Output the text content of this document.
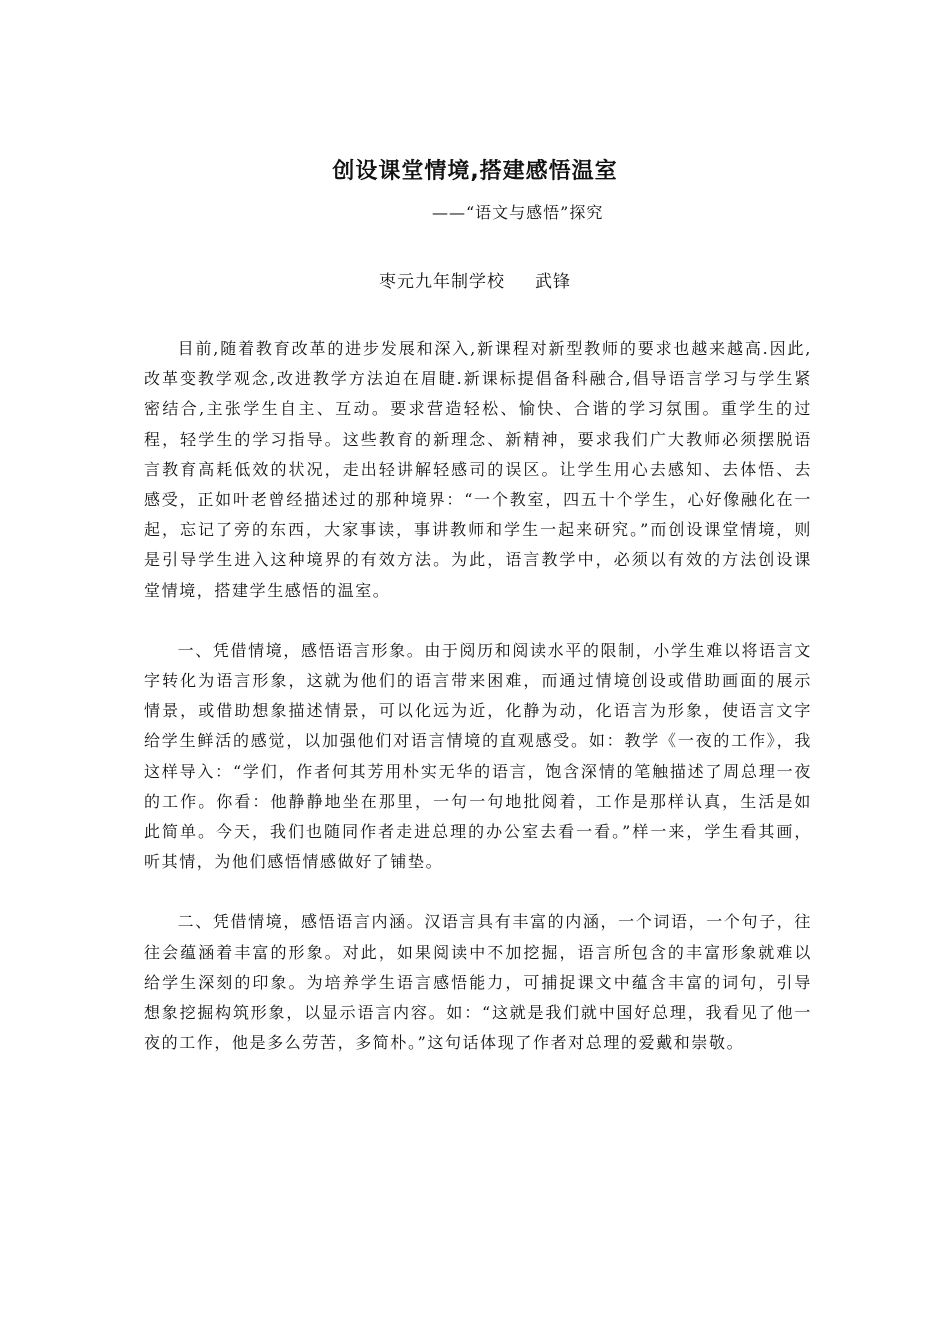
创设课堂情境,搭建感悟温室
——“语文与感悟”探究
枣元九年制学校 武锋

目前,随着教育改革的进步发展和深入,新课程对新型教师的要求也越来越高.因此,改革变教学观念,改进教学方法迫在眉睫.新课标提倡备科融合,倡导语言学习与学生紧密结合,主张学生自主、互动。要求营造轻松、愉快、合谐的学习氛围。重学生的过程，轻学生的学习指导。这些教育的新理念、新精神，要求我们广大教师必须摆脱语言教育高耗低效的状况，走出轻讲解轻感司的误区。让学生用心去感知、去体悟、去感受，正如叶老曾经描述过的那种境界：“一个教室，四五十个学生，心好像融化在一起，忘记了旁的东西，大家事读，事讲教师和学生一起来研究。”而创设课堂情境，则是引导学生进入这种境界的有效方法。为此，语言教学中，必须以有效的方法创设课堂情境，搭建学生感悟的温室。

一、凭借情境，感悟语言形象。由于阅历和阅读水平的限制，小学生难以将语言文字转化为语言形象，这就为他们的语言带来困难，而通过情境创设或借助画面的展示情景，或借助想象描述情景，可以化远为近，化静为动，化语言为形象，使语言文字给学生鲜活的感觉，以加强他们对语言情境的直观感受。如：教学《一夜的工作》，我这样导入：“学们，作者何其芳用朴实无华的语言，饱含深情的笔触描述了周总理一夜的工作。你看：他静静地坐在那里，一句一句地批阅着，工作是那样认真，生活是如此简单。今天，我们也随同作者走进总理的办公室去看一看。”样一来，学生看其画，听其情，为他们感悟情感做好了铺垫。

二、凭借情境，感悟语言内涵。汉语言具有丰富的内涵，一个词语，一个句子，往往会蕴涵着丰富的形象。对此，如果阅读中不加挖掘，语言所包含的丰富形象就难以给学生深刻的印象。为培养学生语言感悟能力，可捕捉课文中蕴含丰富的词句，引导想象挖掘构筑形象，以显示语言内容。如：“这就是我们就中国好总理，我看见了他一夜的工作，他是多么劳苦，多简朴。”这句话体现了作者对总理的爱戴和崇敬。
